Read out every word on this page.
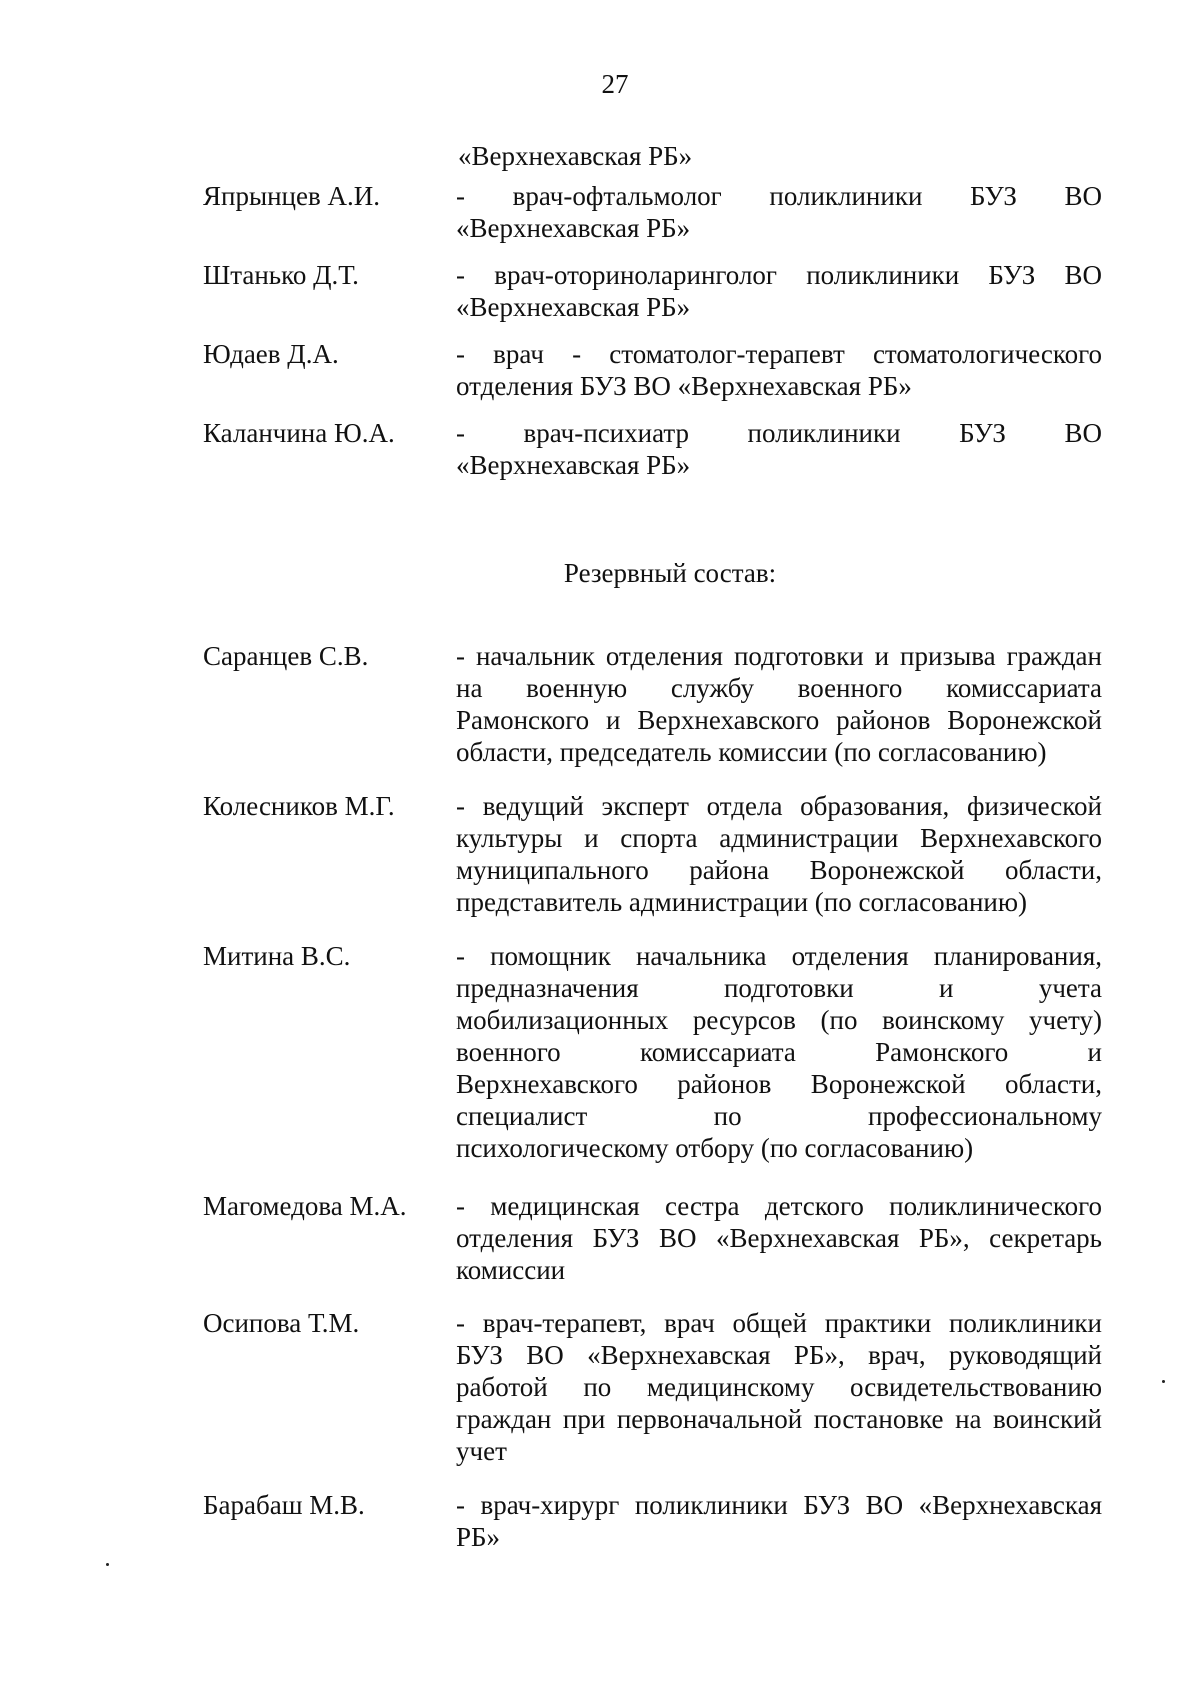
27
«Верхнехавская РБ»
Япрынцев А.И.	- врач-офтальмолог поликлиники БУЗ ВО
«Верхнехавская РБ»
Штанько Д.Т.	- врач-оториноларинголог поликлиники БУЗ ВО
«Верхнехавская РБ»
Юдаев Д.А.	- врач - стоматолог-терапевт стоматологического
отделения БУЗ ВО «Верхнехавская РБ»
Каланчина Ю.А. - врач-психиатр поликлиники БУЗ ВО
«Верхнехавская РБ»
Резервный состав:
Саранцев С.В.	- начальник отделения подготовки и призыва граждан
на военную службу военного комиссариата
Рамонского и Верхнехавского районов Воронежской
области, председатель комиссии (по согласованию)
Колесников М.Г. - ведущий эксперт отдела образования, физической
культуры и спорта администрации Верхнехавского
муниципального района Воронежской области,
представитель администрации (по согласованию)
Митина В.С.	- помощник начальника отделения планирования,
предназначения подготовки и учета
мобилизационных ресурсов (по воинскому учету)
военного комиссариата Рамонского и
Верхнехавского районов Воронежской области,
специалист по профессиональному
психологическому отбору (по согласованию)
Магомедова М.А. - медицинская сестра детского поликлинического
отделения БУЗ ВО «Верхнехавская РБ», секретарь
комиссии
Осипова Т.М.	- врач-терапевт, врач общей практики поликлиники
БУЗ ВО «Верхнехавская РБ», врач, руководящий
работой по медицинскому освидетельствованию
граждан при первоначальной постановке на воинский
учет
Барабаш М.В.	- врач-хирург поликлиники БУЗ ВО «Верхнехавская
РБ»
